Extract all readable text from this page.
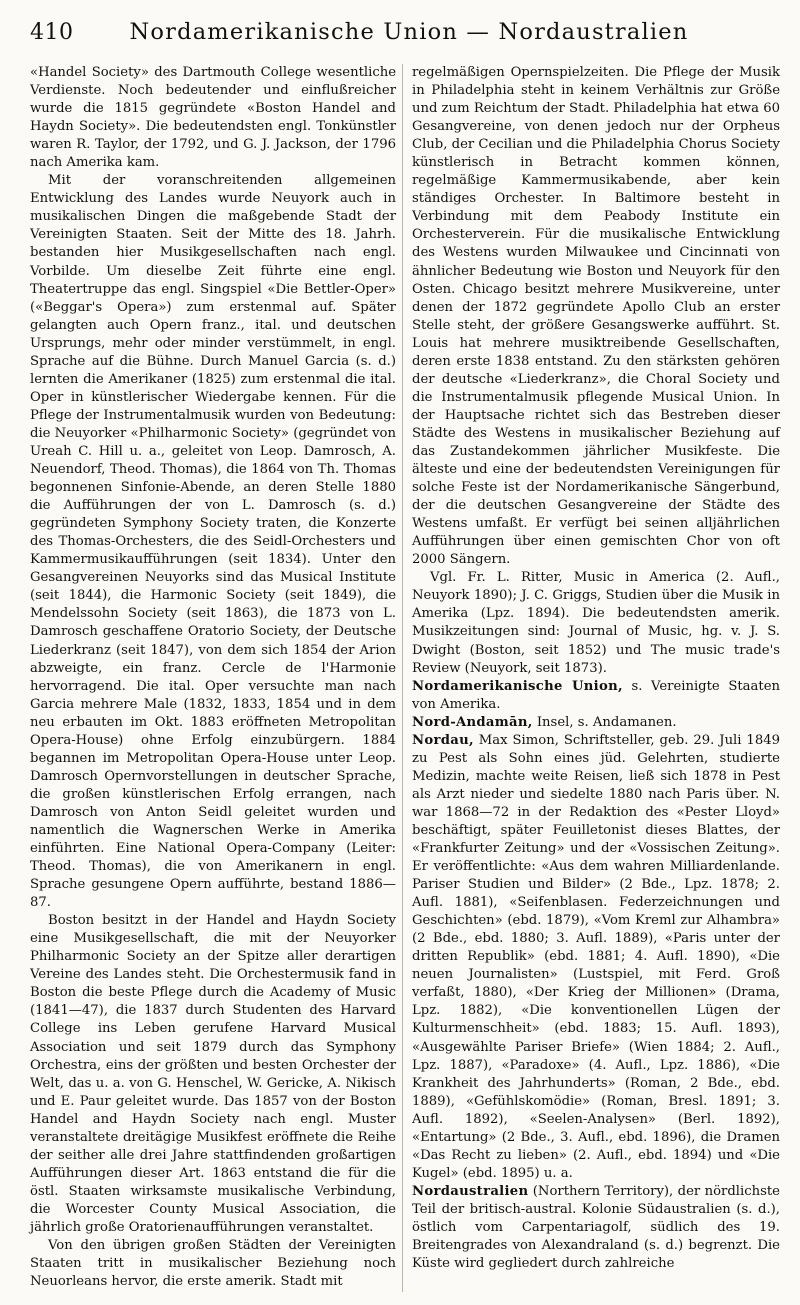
410	Nordamerikanische Union — Nordaustralien

«Handel Society» des Dartmouth College wesentliche Verdienste. Noch bedeutender und einflußreicher wurde die 1815 gegründete «Boston Handel and Haydn Society». Die bedeutendsten engl. Tonkünstler waren R. Taylor, der 1792, und G. J. Jackson, der 1796 nach Amerika kam.

Mit der voranschreitenden allgemeinen Entwicklung des Landes wurde Neuyork auch in musikalischen Dingen die maßgebende Stadt der Vereinigten Staaten. Seit der Mitte des 18. Jahrh. bestanden hier Musikgesellschaften nach engl. Vorbilde. Um dieselbe Zeit führte eine engl. Theatertruppe das engl. Singspiel «Die Bettler-Oper» («Beggar's Opera») zum erstenmal auf. Später gelangten auch Opern franz., ital. und deutschen Ursprungs, mehr oder minder verstümmelt, in engl. Sprache auf die Bühne. Durch Manuel Garcia (s. d.) lernten die Amerikaner (1825) zum erstenmal die ital. Oper in künstlerischer Wiedergabe kennen. Für die Pflege der Instrumentalmusik wurden von Bedeutung: die Neuyorker «Philharmonic Society» (gegründet von Ureah C. Hill u. a., geleitet von Leop. Damrosch, A. Neuendorf, Theod. Thomas), die 1864 von Th. Thomas begonnenen Sinfonie-Abende, an deren Stelle 1880 die Aufführungen der von L. Damrosch (s. d.) gegründeten Symphony Society traten, die Konzerte des Thomas-Orchesters, die des Seidl-Orchesters und Kammermusikaufführungen (seit 1834). Unter den Gesangvereinen Neuyorks sind das Musical Institute (seit 1844), die Harmonic Society (seit 1849), die Mendelssohn Society (seit 1863), die 1873 von L. Damrosch geschaffene Oratorio Society, der Deutsche Liederkranz (seit 1847), von dem sich 1854 der Arion abzweigte, ein franz. Cercle de l'Harmonie hervorragend. Die ital. Oper versuchte man nach Garcia mehrere Male (1832, 1833, 1854 und in dem neu erbauten im Okt. 1883 eröffneten Metropolitan Opera-House) ohne Erfolg einzubürgern. 1884 begannen im Metropolitan Opera-House unter Leop. Damrosch Opernvorstellungen in deutscher Sprache, die großen künstlerischen Erfolg errangen, nach Damrosch von Anton Seidl geleitet wurden und namentlich die Wagnerschen Werke in Amerika einführten. Eine National Opera-Company (Leiter: Theod. Thomas), die von Amerikanern in engl. Sprache gesungene Opern aufführte, bestand 1886—87.

Boston besitzt in der Handel and Haydn Society eine Musikgesellschaft, die mit der Neuyorker Philharmonic Society an der Spitze aller derartigen Vereine des Landes steht. Die Orchestermusik fand in Boston die beste Pflege durch die Academy of Music (1841—47), die 1837 durch Studenten des Harvard College ins Leben gerufene Harvard Musical Association und seit 1879 durch das Symphony Orchestra, eins der größten und besten Orchester der Welt, das u. a. von G. Henschel, W. Gericke, A. Nikisch und E. Paur geleitet wurde. Das 1857 von der Boston Handel and Haydn Society nach engl. Muster veranstaltete dreitägige Musikfest eröffnete die Reihe der seither alle drei Jahre stattfindenden großartigen Aufführungen dieser Art. 1863 entstand die für die östl. Staaten wirksamste musikalische Verbindung, die Worcester County Musical Association, die jährlich große Oratorienaufführungen veranstaltet.

Von den übrigen großen Städten der Vereinigten Staaten tritt in musikalischer Beziehung noch Neuorleans hervor, die erste amerik. Stadt mit

regelmäßigen Opernspielzeiten. Die Pflege der Musik in Philadelphia steht in keinem Verhältnis zur Größe und zum Reichtum der Stadt. Philadelphia hat etwa 60 Gesangvereine, von denen jedoch nur der Orpheus Club, der Cecilian und die Philadelphia Chorus Society künstlerisch in Betracht kommen können, regelmäßige Kammermusikabende, aber kein ständiges Orchester. In Baltimore besteht in Verbindung mit dem Peabody Institute ein Orchesterverein. Für die musikalische Entwicklung des Westens wurden Milwaukee und Cincinnati von ähnlicher Bedeutung wie Boston und Neuyork für den Osten. Chicago besitzt mehrere Musikvereine, unter denen der 1872 gegründete Apollo Club an erster Stelle steht, der größere Gesangswerke aufführt. St. Louis hat mehrere musiktreibende Gesellschaften, deren erste 1838 entstand. Zu den stärksten gehören der deutsche «Liederkranz», die Choral Society und die Instrumentalmusik pflegende Musical Union. In der Hauptsache richtet sich das Bestreben dieser Städte des Westens in musikalischer Beziehung auf das Zustandekommen jährlicher Musikfeste. Die älteste und eine der bedeutendsten Vereinigungen für solche Feste ist der Nordamerikanische Sängerbund, der die deutschen Gesangvereine der Städte des Westens umfaßt. Er verfügt bei seinen alljährlichen Aufführungen über einen gemischten Chor von oft 2000 Sängern.

Vgl. Fr. L. Ritter, Music in America (2. Aufl., Neuyork 1890); J. C. Griggs, Studien über die Musik in Amerika (Lpz. 1894). Die bedeutendsten amerik. Musikzeitungen sind: Journal of Music, hg. v. J. S. Dwight (Boston, seit 1852) und The music trade's Review (Neuyork, seit 1873).

Nordamerikanische Union, s. Vereinigte Staaten von Amerika.

Nord-Andamān, Insel, s. Andamanen.

Nordau, Max Simon, Schriftsteller, geb. 29. Juli 1849 zu Pest als Sohn eines jüd. Gelehrten, studierte Medizin, machte weite Reisen, ließ sich 1878 in Pest als Arzt nieder und siedelte 1880 nach Paris über. N. war 1868—72 in der Redaktion des «Pester Lloyd» beschäftigt, später Feuilletonist dieses Blattes, der «Frankfurter Zeitung» und der «Vossischen Zeitung». Er veröffentlichte: «Aus dem wahren Milliardenlande. Pariser Studien und Bilder» (2 Bde., Lpz. 1878; 2. Aufl. 1881), «Seifenblasen. Federzeichnungen und Geschichten» (ebd. 1879), «Vom Kreml zur Alhambra» (2 Bde., ebd. 1880; 3. Aufl. 1889), «Paris unter der dritten Republik» (ebd. 1881; 4. Aufl. 1890), «Die neuen Journalisten» (Lustspiel, mit Ferd. Groß verfaßt, 1880), «Der Krieg der Millionen» (Drama, Lpz. 1882), «Die konventionellen Lügen der Kulturmenschheit» (ebd. 1883; 15. Aufl. 1893), «Ausgewählte Pariser Briefe» (Wien 1884; 2. Aufl., Lpz. 1887), «Paradoxe» (4. Aufl., Lpz. 1886), «Die Krankheit des Jahrhunderts» (Roman, 2 Bde., ebd. 1889), «Gefühlskomödie» (Roman, Bresl. 1891; 3. Aufl. 1892), «Seelen-Analysen» (Berl. 1892), «Entartung» (2 Bde., 3. Aufl., ebd. 1896), die Dramen «Das Recht zu lieben» (2. Aufl., ebd. 1894) und «Die Kugel» (ebd. 1895) u. a.

Nordaustralien (Northern Territory), der nördlichste Teil der britisch-austral. Kolonie Südaustralien (s. d.), östlich vom Carpentariagolf, südlich des 19. Breitengrades von Alexandraland (s. d.) begrenzt. Die Küste wird gegliedert durch zahlreiche
